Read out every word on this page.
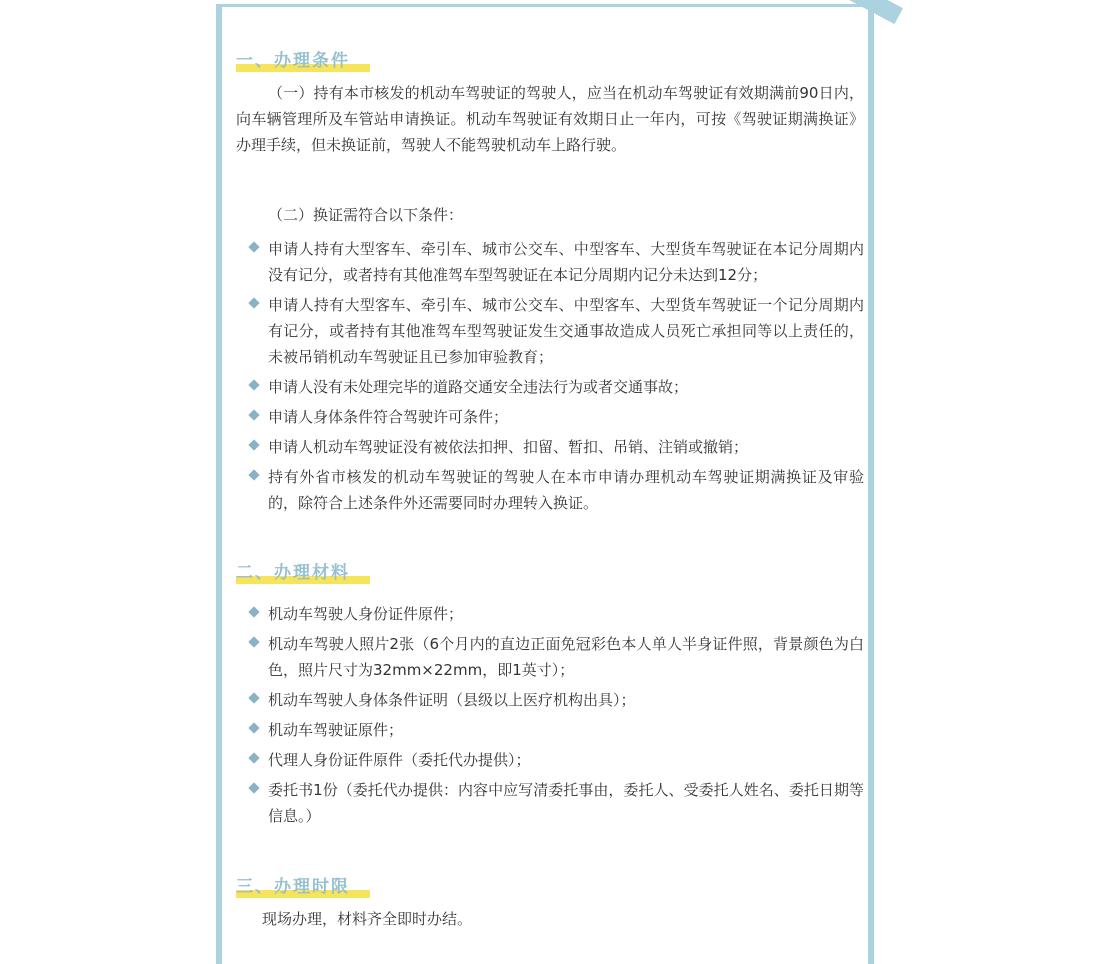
一、办理条件

（一）持有本市核发的机动车驾驶证的驾驶人，应当在机动车驾驶证有效期满前90日内，向车辆管理所及车管站申请换证。机动车驾驶证有效期日止一年内，可按《驾驶证期满换证》办理手续，但未换证前，驾驶人不能驾驶机动车上路行驶。

（二）换证需符合以下条件：

申请人持有大型客车、牵引车、城市公交车、中型客车、大型货车驾驶证在本记分周期内没有记分，或者持有其他准驾车型驾驶证在本记分周期内记分未达到12分；
申请人持有大型客车、牵引车、城市公交车、中型客车、大型货车驾驶证一个记分周期内有记分，或者持有其他准驾车型驾驶证发生交通事故造成人员死亡承担同等以上责任的，未被吊销机动车驾驶证且已参加审验教育；
申请人没有未处理完毕的道路交通安全违法行为或者交通事故；
申请人身体条件符合驾驶许可条件；
申请人机动车驾驶证没有被依法扣押、扣留、暂扣、吊销、注销或撤销；
持有外省市核发的机动车驾驶证的驾驶人在本市申请办理机动车驾驶证期满换证及审验的，除符合上述条件外还需要同时办理转入换证。
二、办理材料
机动车驾驶人身份证件原件；
机动车驾驶人照片2张（6个月内的直边正面免冠彩色本人单人半身证件照，背景颜色为白色，照片尺寸为32mm×22mm，即1英寸）；
机动车驾驶人身体条件证明（县级以上医疗机构出具）；
机动车驾驶证原件；
代理人身份证件原件（委托代办提供）；
委托书1份（委托代办提供：内容中应写清委托事由，委托人、受委托人姓名、委托日期等信息。）
三、办理时限

现场办理，材料齐全即时办结。
